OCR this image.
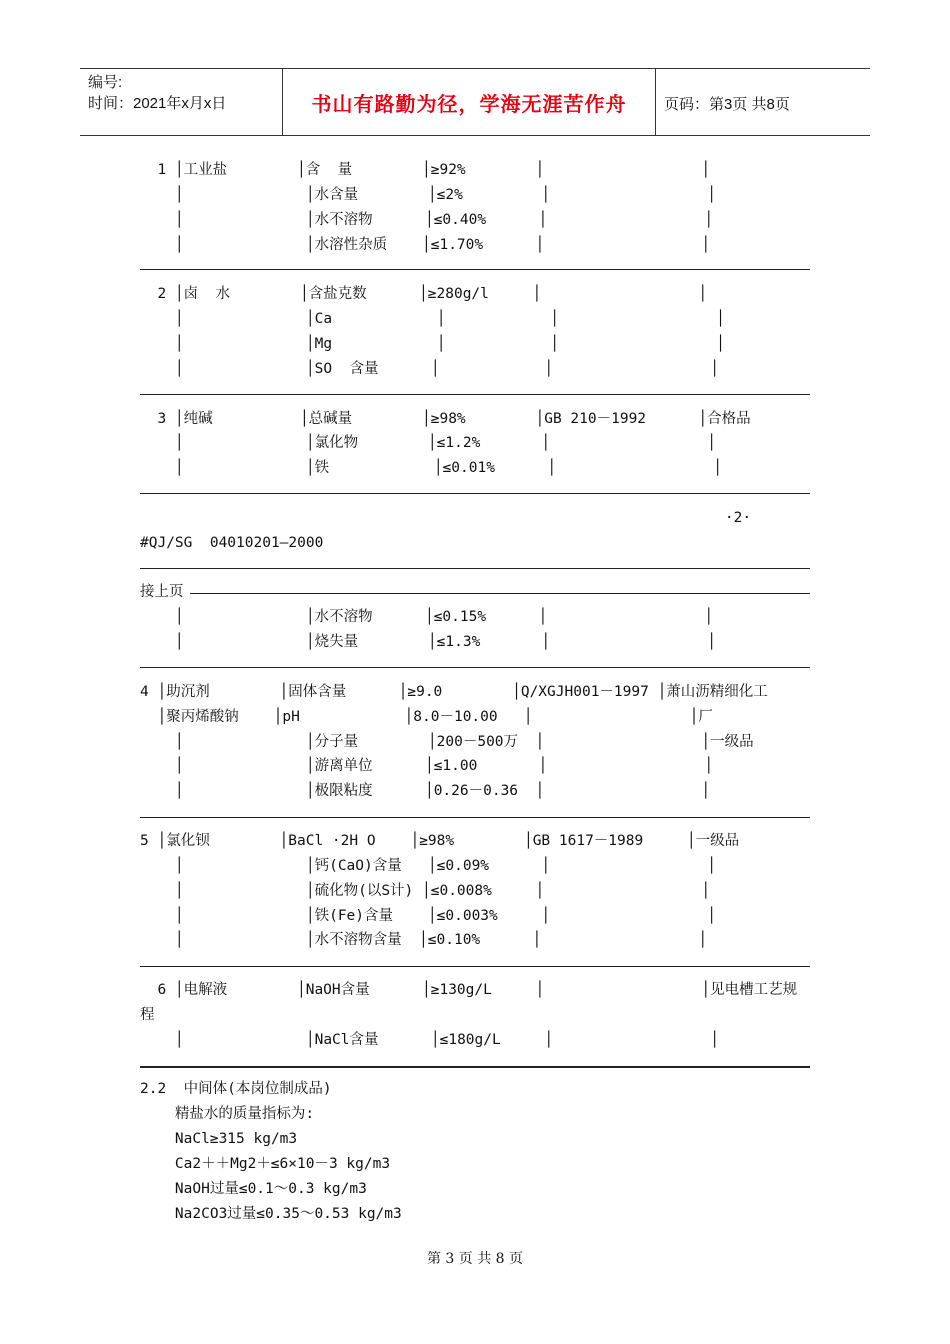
编号:
时间：2021年x月x日	书山有路勤为径，学海无涯苦作舟	页码：第3页 共8页
1 │工业盐        │含  量        │≥92%        │                  │
│              │水含量        │≤2%         │                  │
│              │水不溶物      │≤0.40%      │                  │
│              │水溶性杂质    │≤1.70%      │                  │
2 │卤  水        │含盐克数      │≥280g/l     │                  │
│              │Ca            │            │                  │
│              │Mg            │            │                  │
│              │SO  含量      │            │                  │
3 │纯碱          │总碱量        │≥98%        │GB 210－1992      │合格品
│              │氯化物        │≤1.2%       │                  │
│              │铁            │≤0.01%      │                  │
·2·
#QJ/SG  04010201—2000
接上页
│              │水不溶物      │≤0.15%      │                  │
│              │烧失量        │≤1.3%       │                  │
4 │助沉剂        │固体含量      │≥9.0        │Q/XGJH001－1997 │萧山沥精细化工
│聚丙烯酸钠    │pH            │8.0－10.00   │                  │厂
│              │分子量        │200－500万  │                  │一级品
│              │游离单位      │≤1.00       │                  │
│              │极限粘度      │0.26－0.36  │                  │
5 │氯化钡        │BaCl ·2H O    │≥98%        │GB 1617－1989     │一级品
│              │钙(CaO)含量   │≤0.09%      │                  │
│              │硫化物(以S计) │≤0.008%     │                  │
│              │铁(Fe)含量    │≤0.003%     │                  │
│              │水不溶物含量  │≤0.10%      │                  │
6 │电解液        │NaOH含量      │≥130g/L     │                  │见电槽工艺规
程
│              │NaCl含量      │≤180g/L     │                  │
2.2  中间体(本岗位制成品)
精盐水的质量指标为:
NaCl≥315 kg/m3
Ca2＋＋Mg2＋≤6×10－3 kg/m3
NaOH过量≤0.1～0.3 kg/m3
Na2CO3过量≤0.35～0.53 kg/m3
第 3 页 共 8 页
